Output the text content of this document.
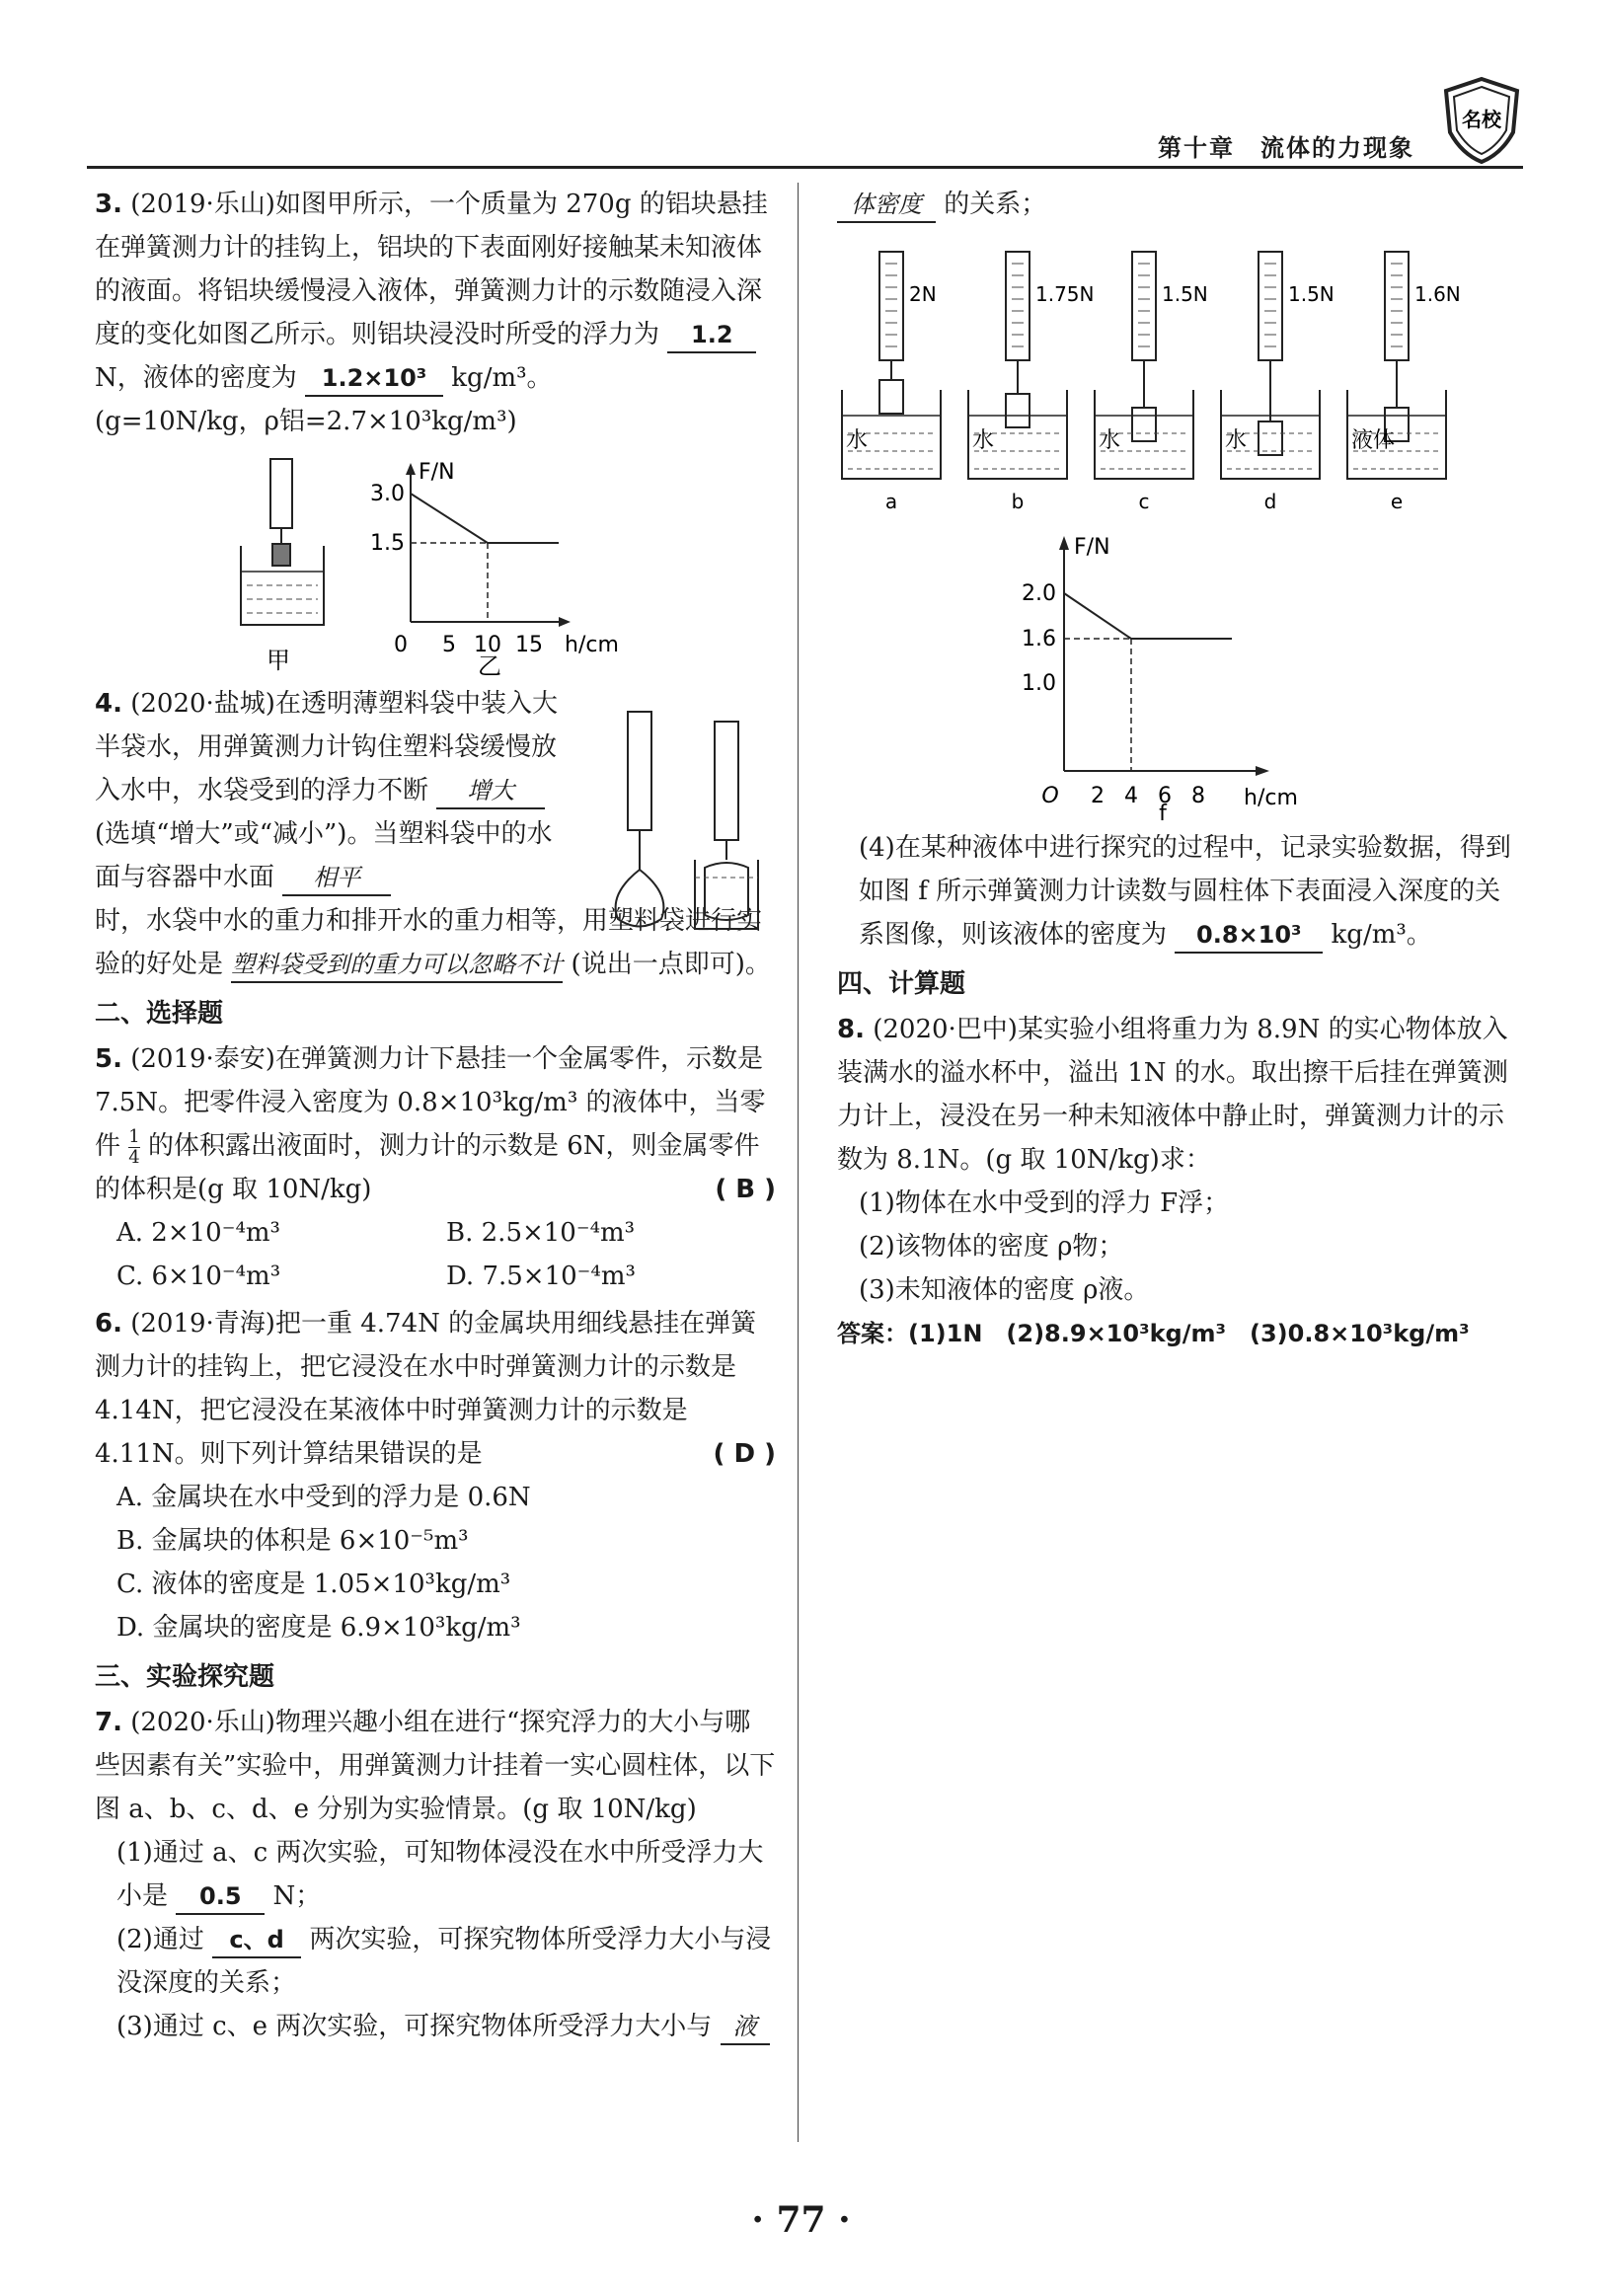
第十章　流体的力现象
名校
3. (2019·乐山)如图甲所示，一个质量为 270g 的铝块悬挂在弹簧测力计的挂钩上，铝块的下表面刚好接触某未知液体的液面。将铝块缓慢浸入液体，弹簧测力计的示数随浸入深度的变化如图乙所示。则铝块浸没时所受的浮力为 1.2 N，液体的密度为 1.2×10³ kg/m³。
(g=10N/kg，ρ铝=2.7×10³kg/m³)
甲
F/N
h/cm
3.0
1.5
0 5 10 15
乙
4. (2020·盐城)在透明薄塑料袋中装入大半袋水，用弹簧测力计钩住塑料袋缓慢放入水中，水袋受到的浮力不断 增大 (选填“增大”或“减小”)。当塑料袋中的水面与容器中水面 相平
时，水袋中水的重力和排开水的重力相等，用塑料袋进行实验的好处是 塑料袋受到的重力可以忽略不计 (说出一点即可)。
二、选择题
5. (2019·泰安)在弹簧测力计下悬挂一个金属零件，示数是 7.5N。把零件浸入密度为 0.8×10³kg/m³ 的液体中，当零件 $\frac{1}{4}$ 的体积露出液面时，测力计的示数是 6N，则金属零件的体积是(g 取 10N/kg)	( B )
A. 2×10⁻⁴m³	B. 2.5×10⁻⁴m³
C. 6×10⁻⁴m³	D. 7.5×10⁻⁴m³
6. (2019·青海)把一重 4.74N 的金属块用细线悬挂在弹簧测力计的挂钩上，把它浸没在水中时弹簧测力计的示数是 4.14N，把它浸没在某液体中时弹簧测力计的示数是 4.11N。则下列计算结果错误的是	( D )
A. 金属块在水中受到的浮力是 0.6N
B. 金属块的体积是 6×10⁻⁵m³
C. 液体的密度是 1.05×10³kg/m³
D. 金属块的密度是 6.9×10³kg/m³
三、实验探究题
7. (2020·乐山)物理兴趣小组在进行“探究浮力的大小与哪些因素有关”实验中，用弹簧测力计挂着一实心圆柱体，以下图 a、b、c、d、e 分别为实验情景。(g 取 10N/kg)
(1)通过 a、c 两次实验，可知物体浸没在水中所受浮力大小是 0.5 N；
(2)通过 c、d 两次实验，可探究物体所受浮力大小与浸没深度的关系；
(3)通过 c、e 两次实验，可探究物体所受浮力大小与 液
体密度 的关系；
2N
水
a
1.75N
水
b
1.5N
水
c
1.5N
水
d
1.6N
液体
e
F/N
h/cm
2.0
1.6
1.0
O 2 4 6 8
f
(4)在某种液体中进行探究的过程中，记录实验数据，得到如图 f 所示弹簧测力计读数与圆柱体下表面浸入深度的关系图像，则该液体的密度为 0.8×10³ kg/m³。
四、计算题
8. (2020·巴中)某实验小组将重力为 8.9N 的实心物体放入装满水的溢水杯中，溢出 1N 的水。取出擦干后挂在弹簧测力计上，浸没在另一种未知液体中静止时，弹簧测力计的示数为 8.1N。(g 取 10N/kg)求：
(1)物体在水中受到的浮力 F浮；
(2)该物体的密度 ρ物；
(3)未知液体的密度 ρ液。
答案：(1)1N　(2)8.9×10³kg/m³　(3)0.8×10³kg/m³
· 77 ·
